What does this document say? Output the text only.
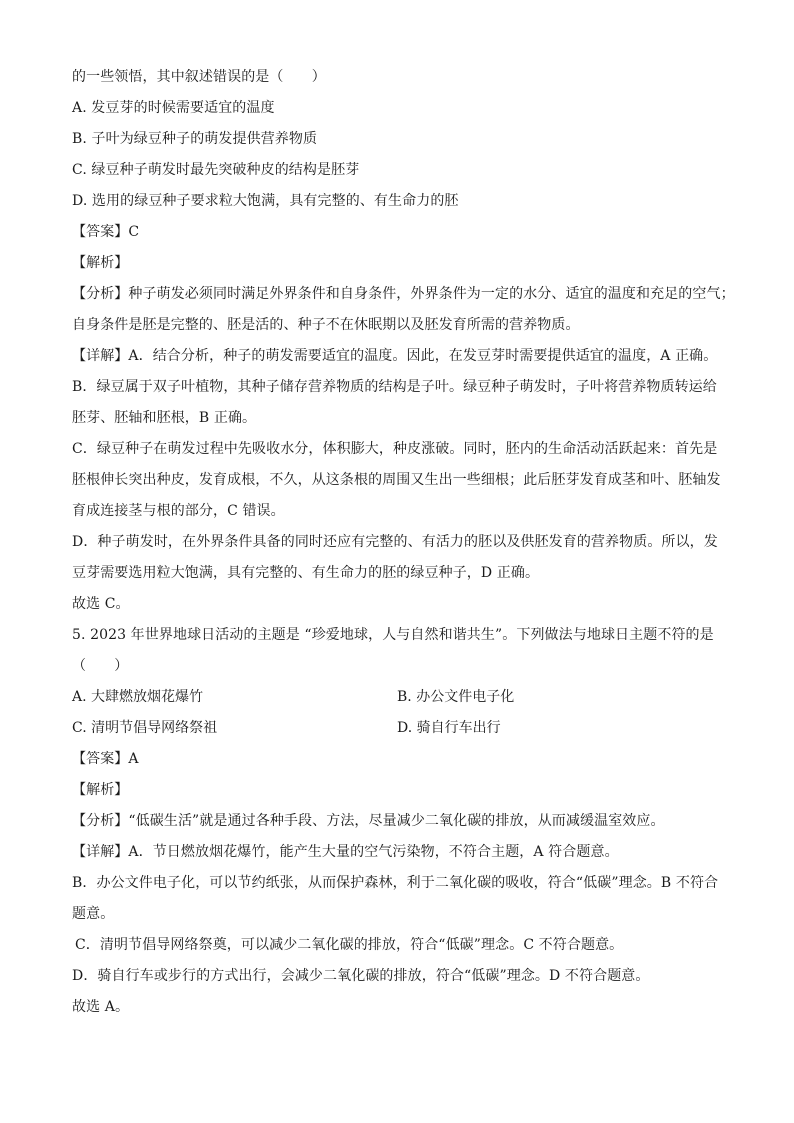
的一些领悟，其中叙述错误的是（　　）
A. 发豆芽的时候需要适宜的温度
B. 子叶为绿豆种子的萌发提供营养物质
C. 绿豆种子萌发时最先突破种皮的结构是胚芽
D. 选用的绿豆种子要求粒大饱满，具有完整的、有生命力的胚
【答案】C
【解析】
【分析】种子萌发必须同时满足外界条件和自身条件，外界条件为一定的水分、适宜的温度和充足的空气；
自身条件是胚是完整的、胚是活的、种子不在休眠期以及胚发育所需的营养物质。
【详解】A．结合分析，种子的萌发需要适宜的温度。因此，在发豆芽时需要提供适宜的温度，A 正确。
B．绿豆属于双子叶植物，其种子储存营养物质的结构是子叶。绿豆种子萌发时，子叶将营养物质转运给
胚芽、胚轴和胚根，B 正确。
C．绿豆种子在萌发过程中先吸收水分，体积膨大，种皮涨破。同时，胚内的生命活动活跃起来：首先是
胚根伸长突出种皮，发育成根，不久，从这条根的周围又生出一些细根；此后胚芽发育成茎和叶、胚轴发
育成连接茎与根的部分，C 错误。
D．种子萌发时，在外界条件具备的同时还应有完整的、有活力的胚以及供胚发育的营养物质。所以，发
豆芽需要选用粒大饱满，具有完整的、有生命力的胚的绿豆种子，D 正确。
故选 C。
5. 2023 年世界地球日活动的主题是 “珍爱地球，人与自然和谐共生”。下列做法与地球日主题不符的是
（　　）
A. 大肆燃放烟花爆竹	B. 办公文件电子化
C. 清明节倡导网络祭祖	D. 骑自行车出行
【答案】A
【解析】
【分析】“低碳生活”就是通过各种手段、方法，尽量减少二氧化碳的排放，从而减缓温室效应。
【详解】A．节日燃放烟花爆竹，能产生大量的空气污染物，不符合主题，A 符合题意。
B．办公文件电子化，可以节约纸张，从而保护森林，利于二氧化碳的吸收，符合“低碳”理念。B 不符合
题意。
C．清明节倡导网络祭奠，可以减少二氧化碳的排放，符合“低碳”理念。C 不符合题意。
D．骑自行车或步行的方式出行，会减少二氧化碳的排放，符合“低碳”理念。D 不符合题意。
故选 A。
